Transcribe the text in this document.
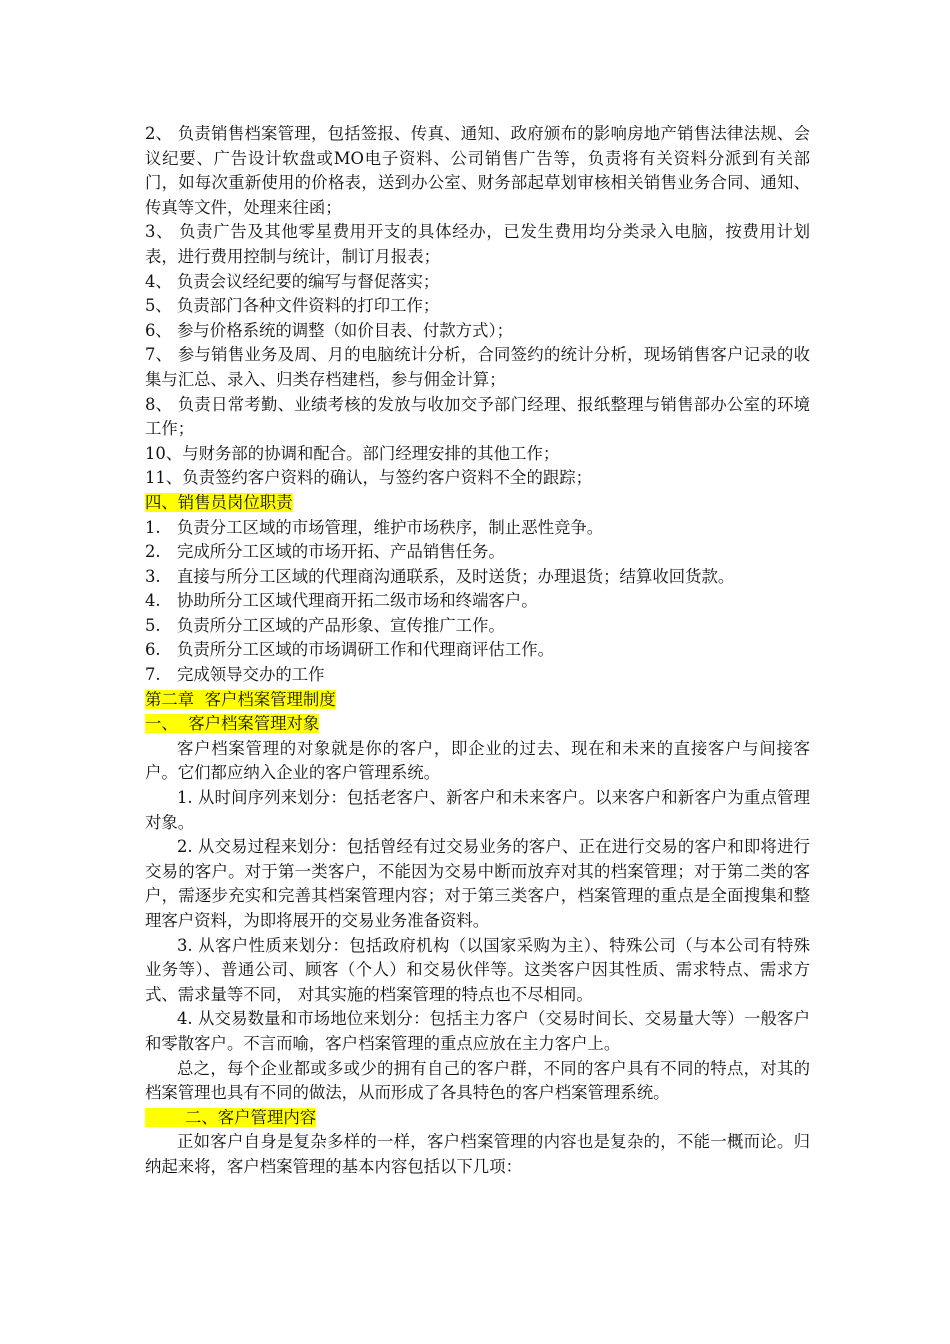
2、 负责销售档案管理，包括签报、传真、通知、政府颁布的影响房地产销售法律法规、会议纪要、广告设计软盘或MO电子资料、公司销售广告等，负责将有关资料分派到有关部门，如每次重新使用的价格表，送到办公室、财务部起草划审核相关销售业务合同、通知、传真等文件，处理来往函；

3、 负责广告及其他零星费用开支的具体经办，已发生费用均分类录入电脑，按费用计划表，进行费用控制与统计，制订月报表；

4、 负责会议经纪要的编写与督促落实；

5、 负责部门各种文件资料的打印工作；

6、 参与价格系统的调整（如价目表、付款方式）；

7、 参与销售业务及周、月的电脑统计分析，合同签约的统计分析，现场销售客户记录的收集与汇总、录入、归类存档建档，参与佣金计算；

8、 负责日常考勤、业绩考核的发放与收加交予部门经理、报纸整理与销售部办公室的环境工作；

10、与财务部的协调和配合。部门经理安排的其他工作；

11、负责签约客户资料的确认，与签约客户资料不全的跟踪；

四、销售员岗位职责

1. 负责分工区域的市场管理，维护市场秩序，制止恶性竞争。

2. 完成所分工区域的市场开拓、产品销售任务。

3. 直接与所分工区域的代理商沟通联系，及时送货；办理退货；结算收回货款。

4. 协助所分工区域代理商开拓二级市场和终端客户。

5. 负责所分工区域的产品形象、宣传推广工作。

6. 负责所分工区域的市场调研工作和代理商评估工作。

7. 完成领导交办的工作

第二章  客户档案管理制度

一、  客户档案管理对象

客户档案管理的对象就是你的客户，即企业的过去、现在和未来的直接客户与间接客户。它们都应纳入企业的客户管理系统。

1. 从时间序列来划分：包括老客户、新客户和未来客户。以来客户和新客户为重点管理对象。

2. 从交易过程来划分：包括曾经有过交易业务的客户、正在进行交易的客户和即将进行交易的客户。对于第一类客户，不能因为交易中断而放弃对其的档案管理；对于第二类的客户，需逐步充实和完善其档案管理内容；对于第三类客户，档案管理的重点是全面搜集和整理客户资料，为即将展开的交易业务准备资料。

3. 从客户性质来划分：包括政府机构（以国家采购为主）、特殊公司（与本公司有特殊业务等）、普通公司、顾客（个人）和交易伙伴等。这类客户因其性质、需求特点、需求方式、需求量等不同， 对其实施的档案管理的特点也不尽相同。

4. 从交易数量和市场地位来划分：包括主力客户（交易时间长、交易量大等）一般客户和零散客户。不言而喻，客户档案管理的重点应放在主力客户上。

总之，每个企业都或多或少的拥有自己的客户群，不同的客户具有不同的特点，对其的档案管理也具有不同的做法，从而形成了各具特色的客户档案管理系统。

二、客户管理内容

正如客户自身是复杂多样的一样，客户档案管理的内容也是复杂的，不能一概而论。归纳起来将，客户档案管理的基本内容包括以下几项：
